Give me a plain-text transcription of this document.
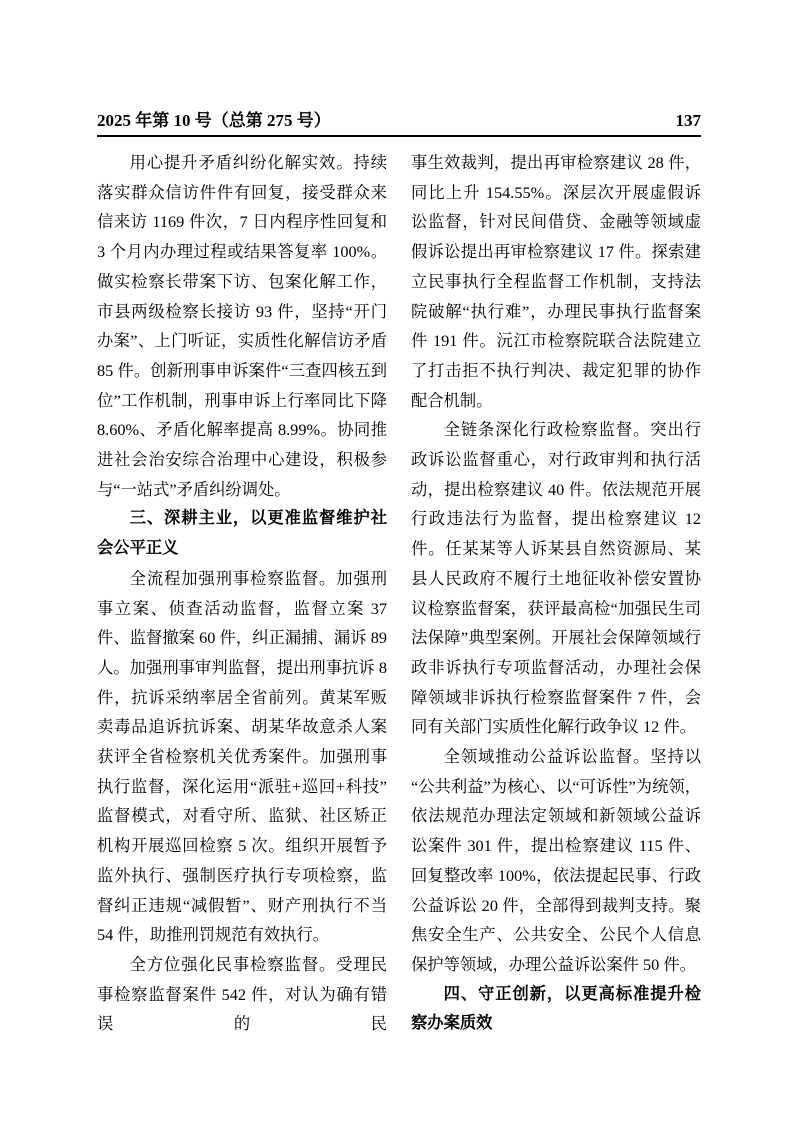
2025 年第 10 号（总第 275 号）	137

用心提升矛盾纠纷化解实效。持续落实群众信访件件有回复，接受群众来信来访 1169 件次，7 日内程序性回复和 3 个月内办理过程或结果答复率 100%。做实检察长带案下访、包案化解工作，市县两级检察长接访 93 件，坚持“开门办案”、上门听证，实质性化解信访矛盾 85 件。创新刑事申诉案件“三查四核五到位”工作机制，刑事申诉上行率同比下降 8.60%、矛盾化解率提高 8.99%。协同推进社会治安综合治理中心建设，积极参与“一站式”矛盾纠纷调处。

三、深耕主业，以更准监督维护社会公平正义

全流程加强刑事检察监督。加强刑事立案、侦查活动监督，监督立案 37 件、监督撤案 60 件，纠正漏捕、漏诉 89 人。加强刑事审判监督，提出刑事抗诉 8 件，抗诉采纳率居全省前列。黄某军贩卖毒品追诉抗诉案、胡某华故意杀人案获评全省检察机关优秀案件。加强刑事执行监督，深化运用“派驻+巡回+科技”监督模式，对看守所、监狱、社区矫正机构开展巡回检察 5 次。组织开展暂予监外执行、强制医疗执行专项检察，监督纠正违规“减假暂”、财产刑执行不当 54 件，助推刑罚规范有效执行。

全方位强化民事检察监督。受理民事检察监督案件 542 件，对认为确有错误的民

事生效裁判，提出再审检察建议 28 件，同比上升 154.55%。深层次开展虚假诉讼监督，针对民间借贷、金融等领域虚假诉讼提出再审检察建议 17 件。探索建立民事执行全程监督工作机制，支持法院破解“执行难”，办理民事执行监督案件 191 件。沅江市检察院联合法院建立了打击拒不执行判决、裁定犯罪的协作配合机制。

全链条深化行政检察监督。突出行政诉讼监督重心，对行政审判和执行活动，提出检察建议 40 件。依法规范开展行政违法行为监督，提出检察建议 12 件。任某某等人诉某县自然资源局、某县人民政府不履行土地征收补偿安置协议检察监督案，获评最高检“加强民生司法保障”典型案例。开展社会保障领域行政非诉执行专项监督活动，办理社会保障领域非诉执行检察监督案件 7 件，会同有关部门实质性化解行政争议 12 件。

全领域推动公益诉讼监督。坚持以“公共利益”为核心、以“可诉性”为统领，依法规范办理法定领域和新领域公益诉讼案件 301 件，提出检察建议 115 件、回复整改率 100%，依法提起民事、行政公益诉讼 20 件，全部得到裁判支持。聚焦安全生产、公共安全、公民个人信息保护等领域，办理公益诉讼案件 50 件。

四、守正创新，以更高标准提升检察办案质效
